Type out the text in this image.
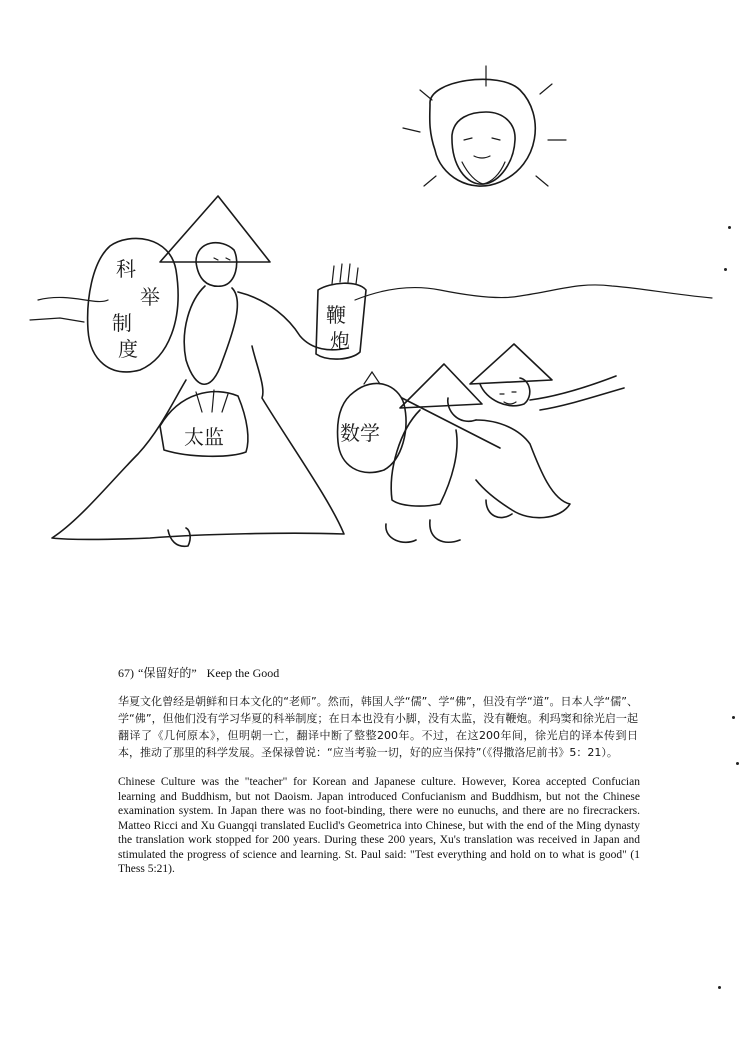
科
举
制
度
鞭
炮
太监	数学
67) “保留好的” Keep the Good

华夏文化曾经是朝鲜和日本文化的“老师”。然而，韩国人学“儒”、学“佛”，但没有学“道”。日本人学“儒”、学“佛”，但他们没有学习华夏的科举制度；在日本也没有小脚，没有太监，没有鞭炮。利玛窦和徐光启一起翻译了《几何原本》，但明朝一亡，翻译中断了整整200年。不过，在这200年间，徐光启的译本传到日本，推动了那里的科学发展。圣保禄曾说：“应当考验一切，好的应当保持”（《得撒洛尼前书》5：21）。

Chinese Culture was the "teacher" for Korean and Japanese culture. However, Korea accepted Confucian learning and Buddhism, but not Daoism. Japan introduced Confucianism and Buddhism, but not the Chinese examination system. In Japan there was no foot-binding, there were no eunuchs, and there are no firecrackers. Matteo Ricci and Xu Guangqi translated Euclid's Geometrica into Chinese, but with the end of the Ming dynasty the translation work stopped for 200 years. During these 200 years, Xu's translation was received in Japan and stimulated the progress of science and learning. St. Paul said: "Test everything and hold on to what is good" (1 Thess 5:21).
